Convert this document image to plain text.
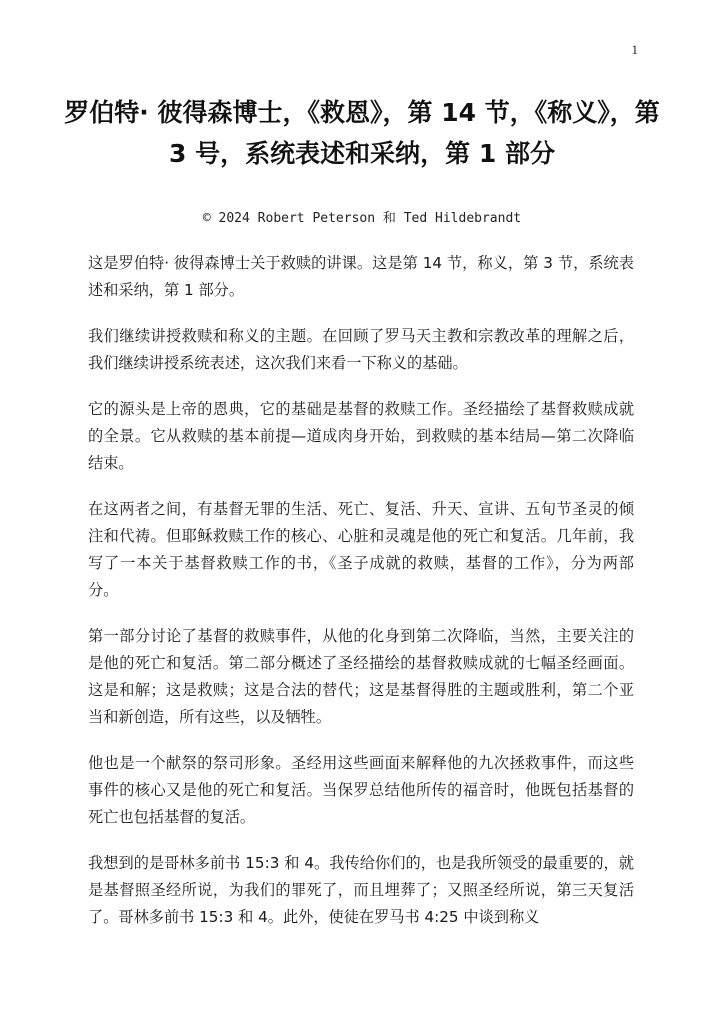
1
罗伯特· 彼得森博士，《救恩》，第 14 节，《称义》，第 3 号，系统表述和采纳，第 1 部分
© 2024 Robert Peterson 和 Ted Hildebrandt

这是罗伯特· 彼得森博士关于救赎的讲课。这是第 14 节，称义，第 3 节，系统表述和采纳，第 1 部分。

我们继续讲授救赎和称义的主题。在回顾了罗马天主教和宗教改革的理解之后，我们继续讲授系统表述，这次我们来看一下称义的基础。

它的源头是上帝的恩典，它的基础是基督的救赎工作。圣经描绘了基督救赎成就的全景。它从救赎的基本前提—道成肉身开始，到救赎的基本结局—第二次降临结束。

在这两者之间，有基督无罪的生活、死亡、复活、升天、宣讲、五旬节圣灵的倾注和代祷。但耶稣救赎工作的核心、心脏和灵魂是他的死亡和复活。几年前，我写了一本关于基督救赎工作的书，《圣子成就的救赎，基督的工作》，分为两部分。

第一部分讨论了基督的救赎事件，从他的化身到第二次降临，当然，主要关注的是他的死亡和复活。第二部分概述了圣经描绘的基督救赎成就的七幅圣经画面。这是和解；这是救赎；这是合法的替代；这是基督得胜的主题或胜利，第二个亚当和新创造，所有这些，以及牺牲。

他也是一个献祭的祭司形象。圣经用这些画面来解释他的九次拯救事件，而这些事件的核心又是他的死亡和复活。当保罗总结他所传的福音时，他既包括基督的死亡也包括基督的复活。

我想到的是哥林多前书 15:3 和 4。我传给你们的，也是我所领受的最重要的，就是基督照圣经所说，为我们的罪死了，而且埋葬了；又照圣经所说，第三天复活了。哥林多前书 15:3 和 4。此外，使徒在罗马书 4:25 中谈到称义
